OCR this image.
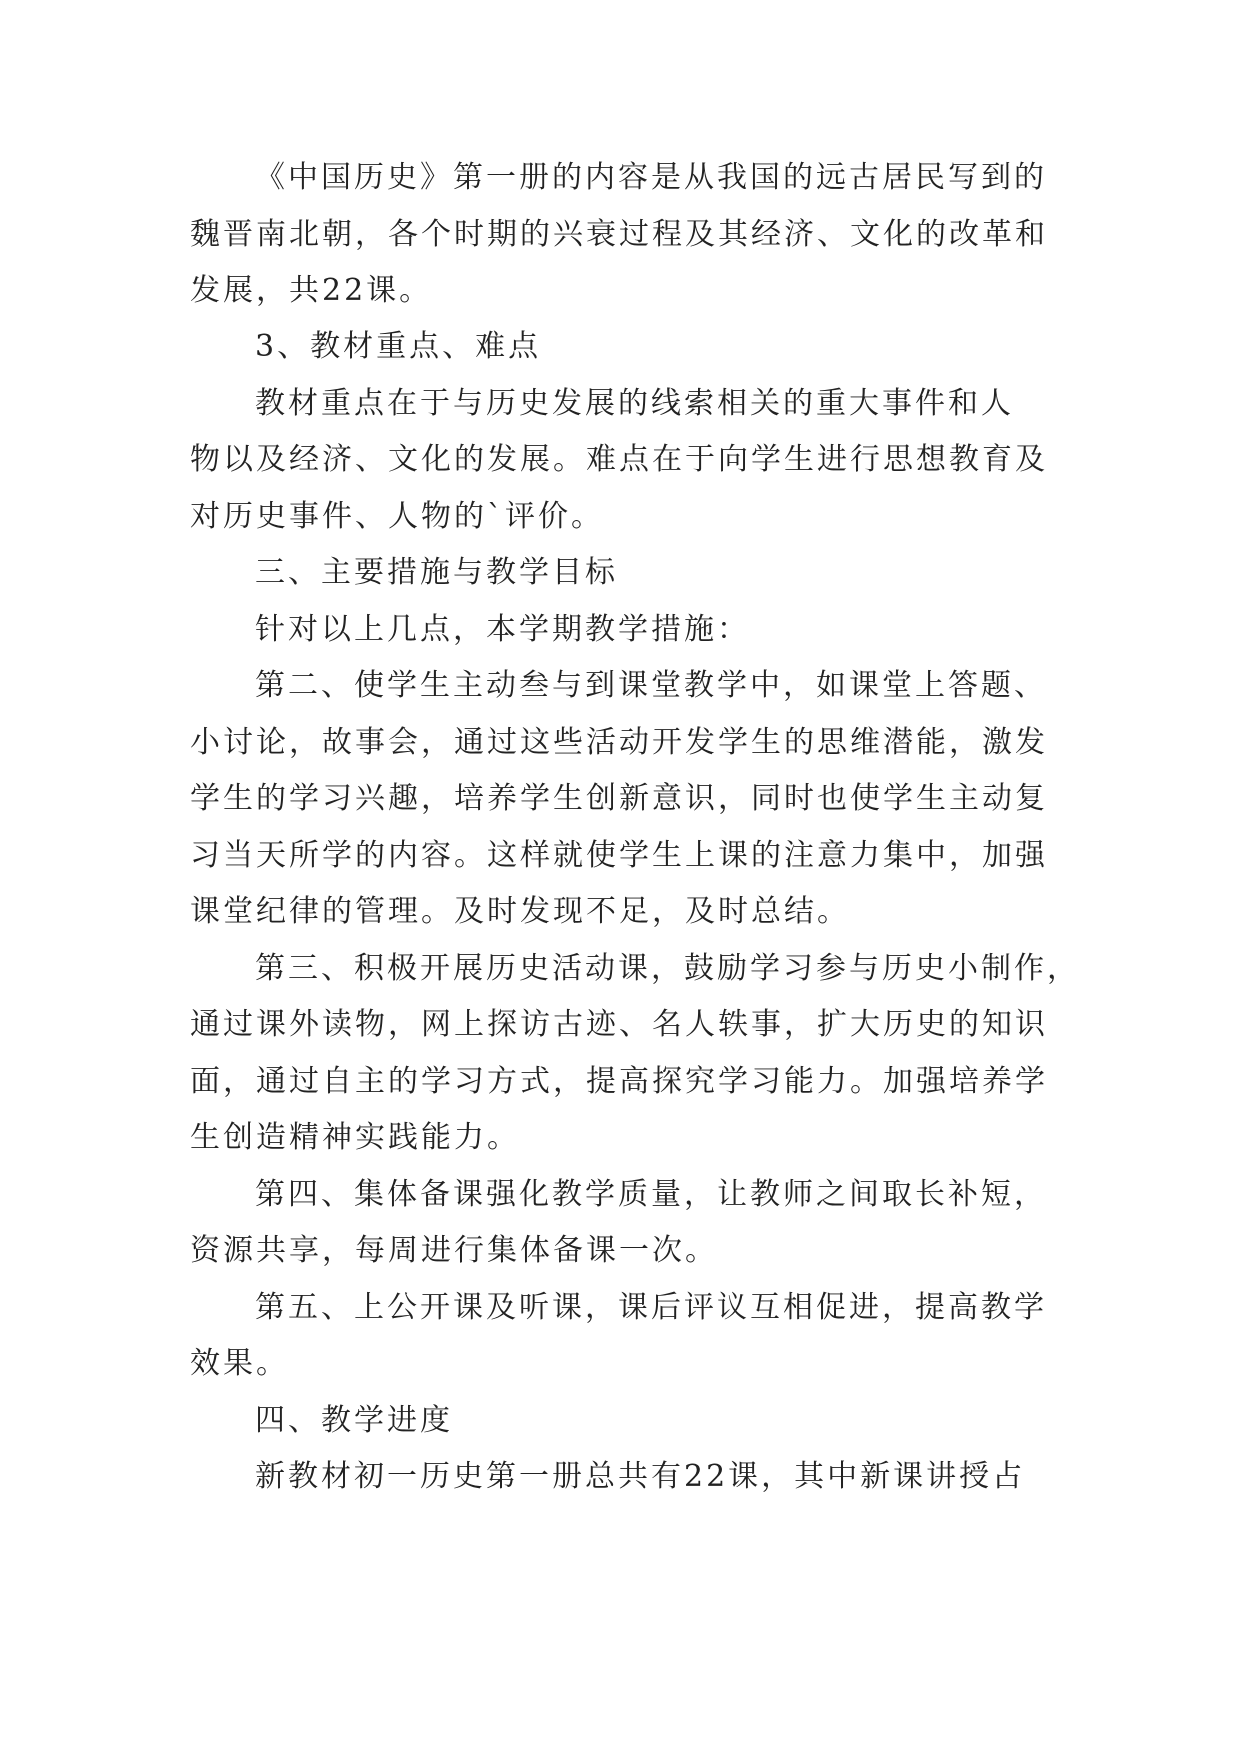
《中国历史》第一册的内容是从我国的远古居民写到的
魏晋南北朝，各个时期的兴衰过程及其经济、文化的改革和
发展，共22课。
3、教材重点、难点
教材重点在于与历史发展的线索相关的重大事件和人
物以及经济、文化的发展。难点在于向学生进行思想教育及
对历史事件、人物的`评价。
三、主要措施与教学目标
针对以上几点，本学期教学措施：
第二、使学生主动叁与到课堂教学中，如课堂上答题、
小讨论，故事会，通过这些活动开发学生的思维潜能，激发
学生的学习兴趣，培养学生创新意识，同时也使学生主动复
习当天所学的内容。这样就使学生上课的注意力集中，加强
课堂纪律的管理。及时发现不足，及时总结。
第三、积极开展历史活动课，鼓励学习参与历史小制作，
通过课外读物，网上探访古迹、名人轶事，扩大历史的知识
面，通过自主的学习方式，提高探究学习能力。加强培养学
生创造精神实践能力。
第四、集体备课强化教学质量，让教师之间取长补短，
资源共享，每周进行集体备课一次。
第五、上公开课及听课，课后评议互相促进，提高教学
效果。
四、教学进度
新教材初一历史第一册总共有22课，其中新课讲授占
